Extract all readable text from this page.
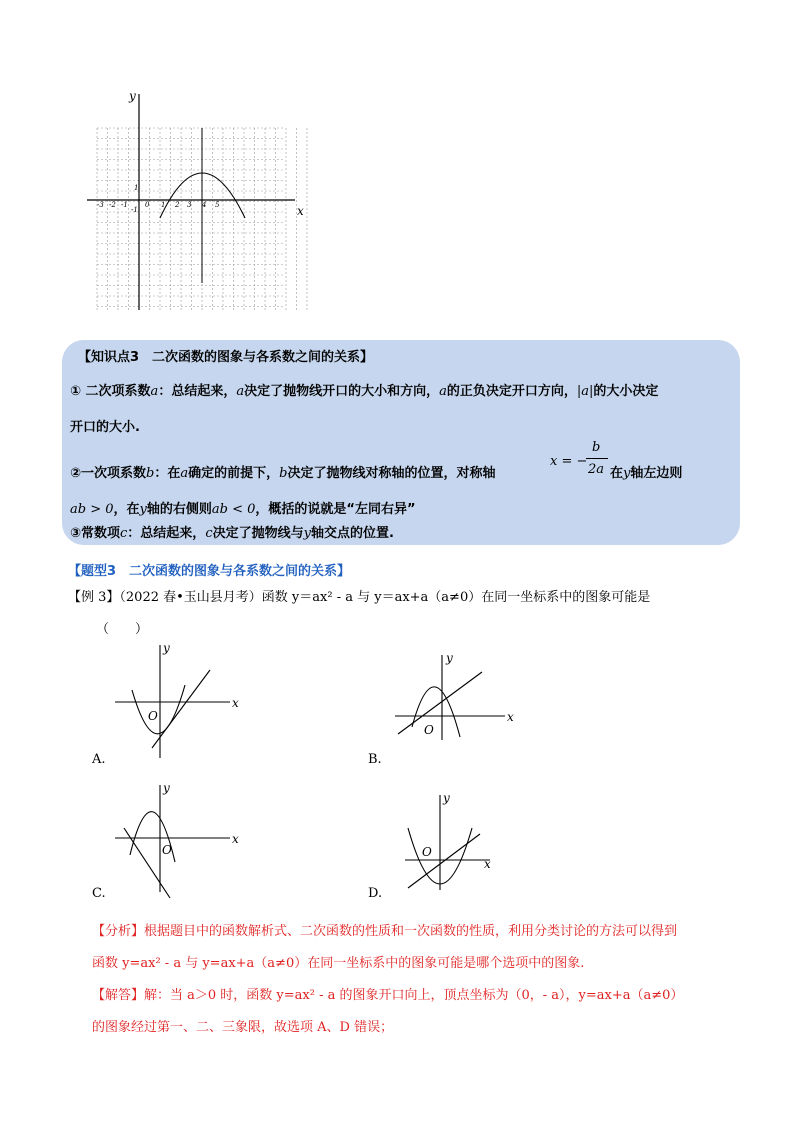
y
x
-3 -2 -1 0 1 2 3 4 5
1
-1
【知识点3　二次函数的图象与各系数之间的关系】
① 二次项系数a：总结起来，a决定了抛物线开口的大小和方向，a的正负决定开口方向，|a|的大小决定
开口的大小.
②一次项系数b：在a确定的前提下，b决定了抛物线对称轴的位置，对称轴
x = −
b
2a 在y轴左边则
ab > 0，在y轴的右侧则ab < 0，概括的说就是“左同右异”
③常数项c：总结起来，c决定了抛物线与y轴交点的位置.
【题型3　二次函数的图象与各系数之间的关系】
【例 3】（2022 春•玉山县月考）函数 y＝ax² - a 与 y＝ax+a（a≠0）在同一坐标系中的图象可能是
（　　）
y
x
O
A.
y
x
O
B.
y
x
O
C.
y
x
O
D.
【分析】根据题目中的函数解析式、二次函数的性质和一次函数的性质，利用分类讨论的方法可以得到
函数 y=ax² - a 与 y=ax+a（a≠0）在同一坐标系中的图象可能是哪个选项中的图象.
【解答】解：当 a＞0 时，函数 y=ax² - a 的图象开口向上，顶点坐标为（0，- a），y=ax+a（a≠0）
的图象经过第一、二、三象限，故选项 A、D 错误；
